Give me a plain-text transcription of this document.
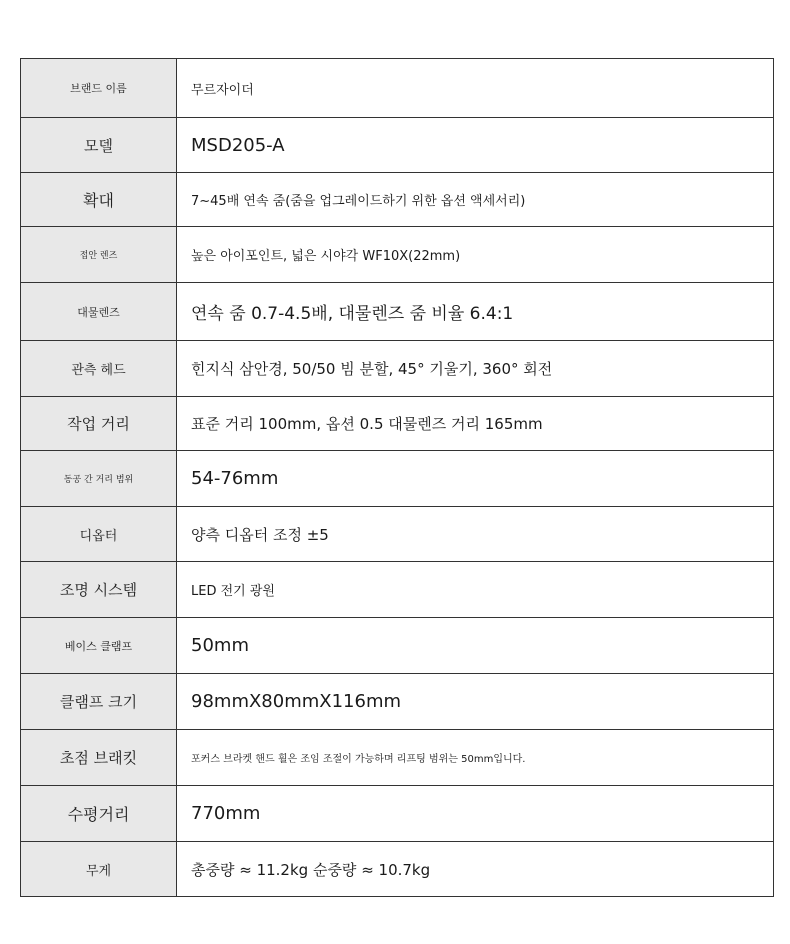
브랜드 이름	무르자이더
모델	MSD205-A
확대	7~45배 연속 줌(줌을 업그레이드하기 위한 옵션 액세서리)
접안 렌즈	높은 아이포인트, 넓은 시야각 WF10X(22mm)
대물렌즈	연속 줌 0.7-4.5배, 대물렌즈 줌 비율 6.4:1
관측 헤드	힌지식 삼안경, 50/50 빔 분할, 45° 기울기, 360° 회전
작업 거리	표준 거리 100mm, 옵션 0.5 대물렌즈 거리 165mm
동공 간 거리 범위	54-76mm
디옵터	양측 디옵터 조정 ±5
조명 시스템	LED 전기 광원
베이스 클램프	50mm
클램프 크기	98mmX80mmX116mm
초점 브래킷	포커스 브라켓 핸드 휠은 조임 조절이 가능하며 리프팅 범위는 50mm입니다.
수평거리	770mm
무게	총중량 ≈ 11.2kg 순중량 ≈ 10.7kg
